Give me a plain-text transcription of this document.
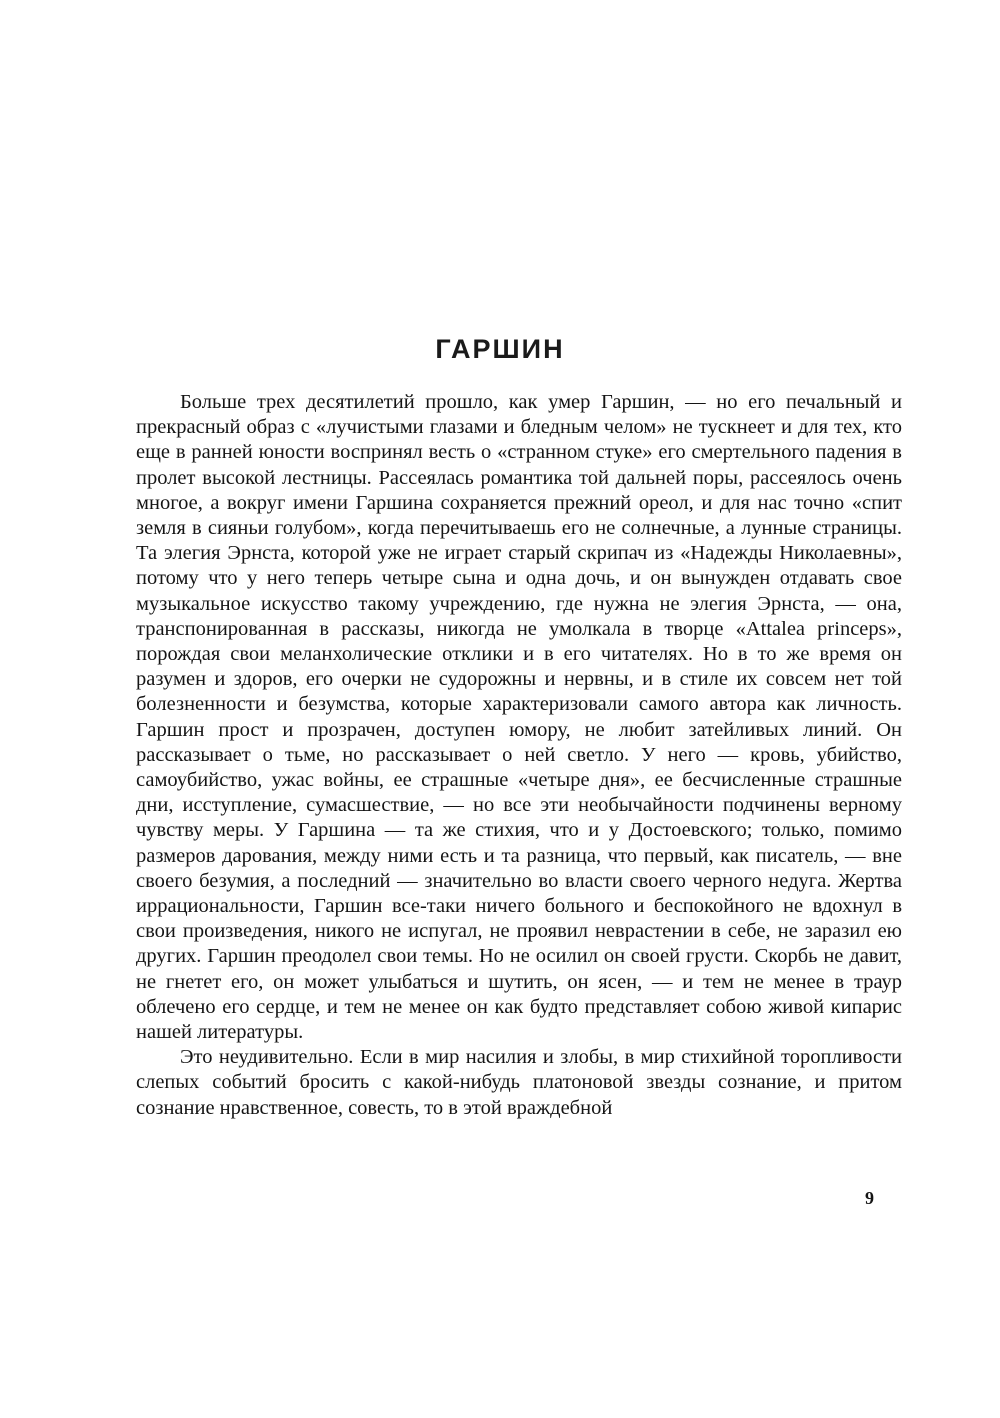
ГАРШИН

Больше трех десятилетий прошло, как умер Гаршин, — но его печальный и прекрасный образ с «лучистыми глазами и бледным челом» не тускнеет и для тех, кто еще в ранней юности воспринял весть о «странном стуке» его смертельного падения в пролет высокой лестницы. Рассеялась романтика той дальней поры, рассеялось очень многое, а вокруг имени Гаршина сохраняется прежний ореол, и для нас точно «спит земля в сияньи голубом», когда перечитываешь его не солнечные, а лунные страницы. Та элегия Эрнста, которой уже не играет старый скрипач из «Надежды Николаевны», потому что у него теперь четыре сына и одна дочь, и он вынужден отдавать свое музыкальное искусство такому учреждению, где нужна не элегия Эрнста, — она, транспонированная в рассказы, никогда не умолкала в творце «Attalea princeps», порождая свои меланхолические отклики и в его читателях. Но в то же время он разумен и здоров, его очерки не судорожны и нервны, и в стиле их совсем нет той болезненности и безумства, которые характеризовали самого автора как личность. Гаршин прост и прозрачен, доступен юмору, не любит затейливых линий. Он рассказывает о тьме, но рассказывает о ней светло. У него — кровь, убийство, самоубийство, ужас войны, ее страшные «четыре дня», ее бесчисленные страшные дни, исступление, сумасшествие, — но все эти необычайности подчинены верному чувству меры. У Гаршина — та же стихия, что и у Достоевского; только, помимо размеров дарования, между ними есть и та разница, что первый, как писатель, — вне своего безумия, а последний — значительно во власти своего черного недуга. Жертва иррациональности, Гаршин все-таки ничего больного и беспокойного не вдохнул в свои произведения, никого не испугал, не проявил неврастении в себе, не заразил ею других. Гаршин преодолел свои темы. Но не осилил он своей грусти. Скорбь не давит, не гнетет его, он может улыбаться и шутить, он ясен, — и тем не менее в траур облечено его сердце, и тем не менее он как будто представляет собою живой кипарис нашей литературы.

Это неудивительно. Если в мир насилия и злобы, в мир стихийной торопливости слепых событий бросить с какой-нибудь платоновой звезды сознание, и притом сознание нравственное, совесть, то в этой враждебной

9
